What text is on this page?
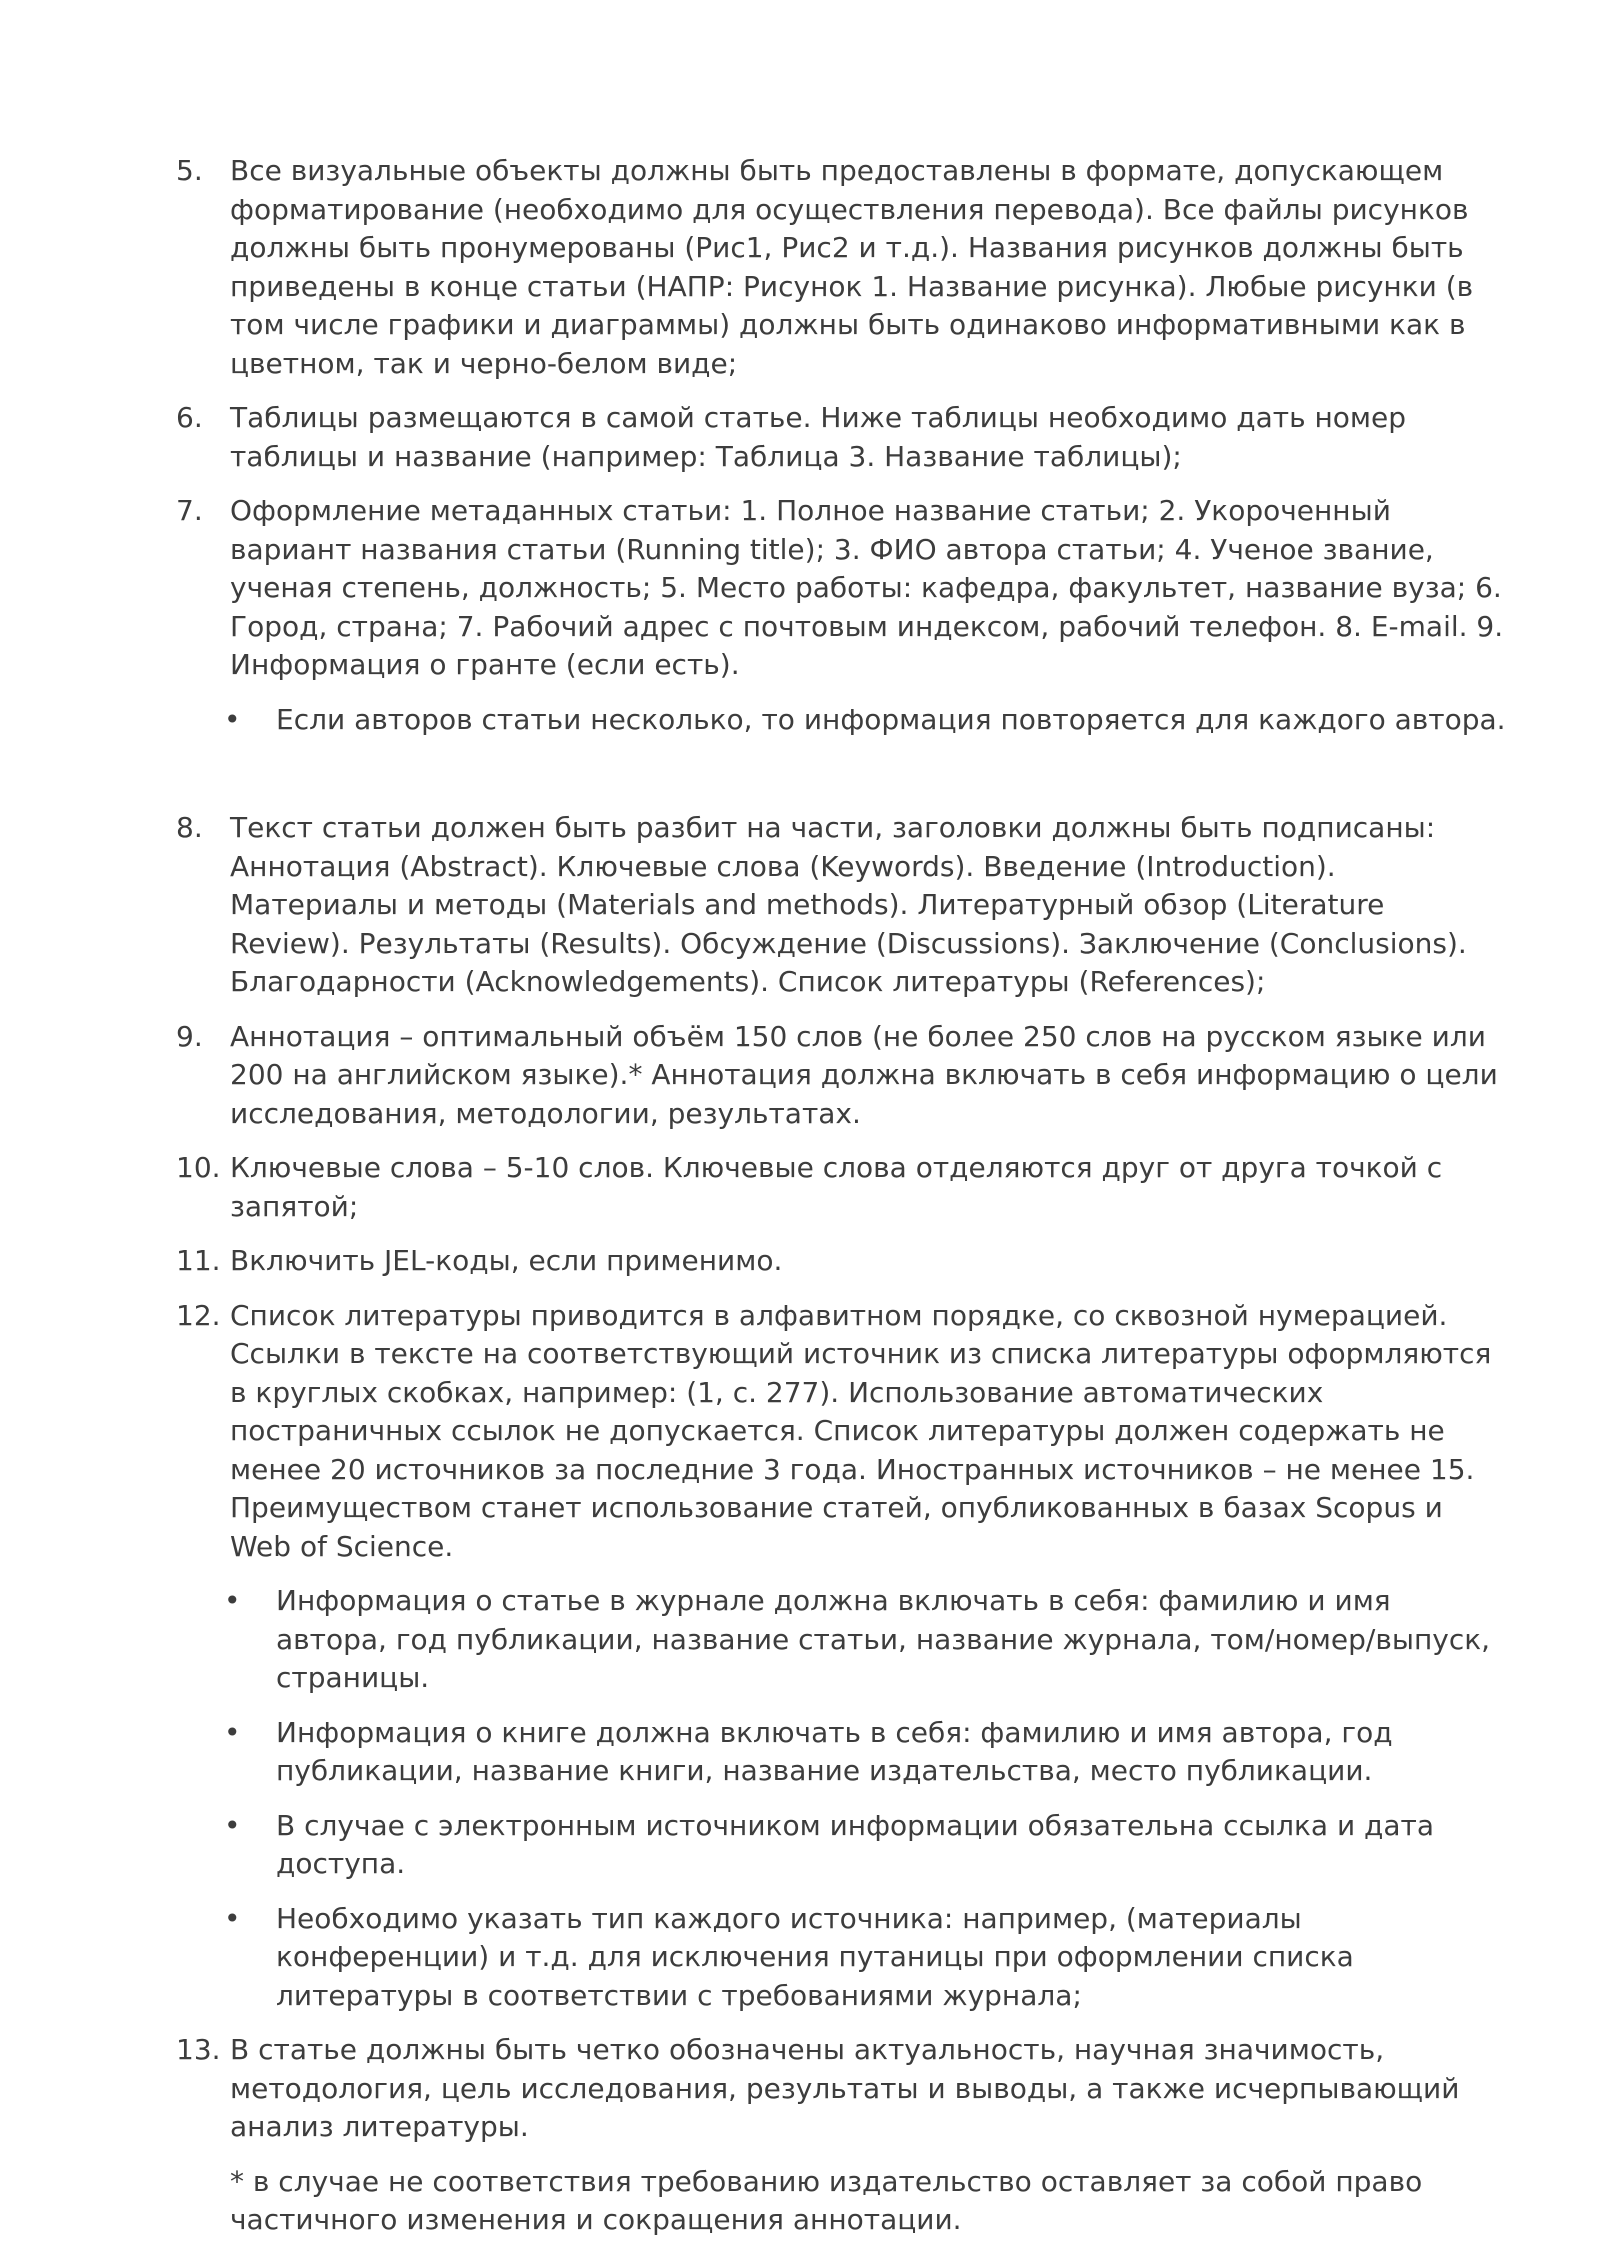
5. Все визуальные объекты должны быть предоставлены в формате, допускающем форматирование (необходимо для осуществления перевода). Все файлы рисунков должны быть пронумерованы (Рис1, Рис2 и т.д.). Названия рисунков должны быть приведены в конце статьи (НАПР: Рисунок 1. Название рисунка). Любые рисунки (в том числе графики и диаграммы) должны быть одинаково информативными как в цветном, так и черно-белом виде;
6. Таблицы размещаются в самой статье. Ниже таблицы необходимо дать номер таблицы и название (например: Таблица 3. Название таблицы);
7. Оформление метаданных статьи: 1. Полное название статьи; 2. Укороченный вариант названия статьи (Running title); 3. ФИО автора статьи; 4. Ученое звание, ученая степень, должность; 5. Место работы: кафедра, факультет, название вуза; 6. Город, страна; 7. Рабочий адрес с почтовым индексом, рабочий телефон. 8. E-mail. 9. Информация о гранте (если есть).
• Если авторов статьи несколько, то информация повторяется для каждого автора.
8. Текст статьи должен быть разбит на части, заголовки должны быть подписаны: Аннотация (Abstract). Ключевые слова (Keywords). Введение (Introduction). Материалы и методы (Materials and methods). Литературный обзор (Literature Review). Результаты (Results). Обсуждение (Discussions). Заключение (Conclusions). Благодарности (Acknowledgements). Список литературы (References);
9. Аннотация – оптимальный объём 150 слов (не более 250 слов на русском языке или 200 на английском языке).* Аннотация должна включать в себя информацию о цели исследования, методологии, результатах.
10. Ключевые слова – 5-10 слов. Ключевые слова отделяются друг от друга точкой с запятой;
11. Включить JEL-коды, если применимо.
12. Список литературы приводится в алфавитном порядке, со сквозной нумерацией. Ссылки в тексте на соответствующий источник из списка литературы оформляются в круглых скобках, например: (1, с. 277). Использование автоматических постраничных ссылок не допускается. Список литературы должен содержать не менее 20 источников за последние 3 года. Иностранных источников – не менее 15. Преимуществом станет использование статей, опубликованных в базах Scopus и Web of Science.
• Информация о статье в журнале должна включать в себя: фамилию и имя автора, год публикации, название статьи, название журнала, том/номер/выпуск, страницы.
• Информация о книге должна включать в себя: фамилию и имя автора, год публикации, название книги, название издательства, место публикации.
• В случае с электронным источником информации обязательна ссылка и дата доступа.
• Необходимо указать тип каждого источника: например, (материалы конференции) и т.д. для исключения путаницы при оформлении списка литературы в соответствии с требованиями журнала;
13. В статье должны быть четко обозначены актуальность, научная значимость, методология, цель исследования, результаты и выводы, а также исчерпывающий анализ литературы.

* в случае не соответствия требованию издательство оставляет за собой право частичного изменения и сокращения аннотации.
